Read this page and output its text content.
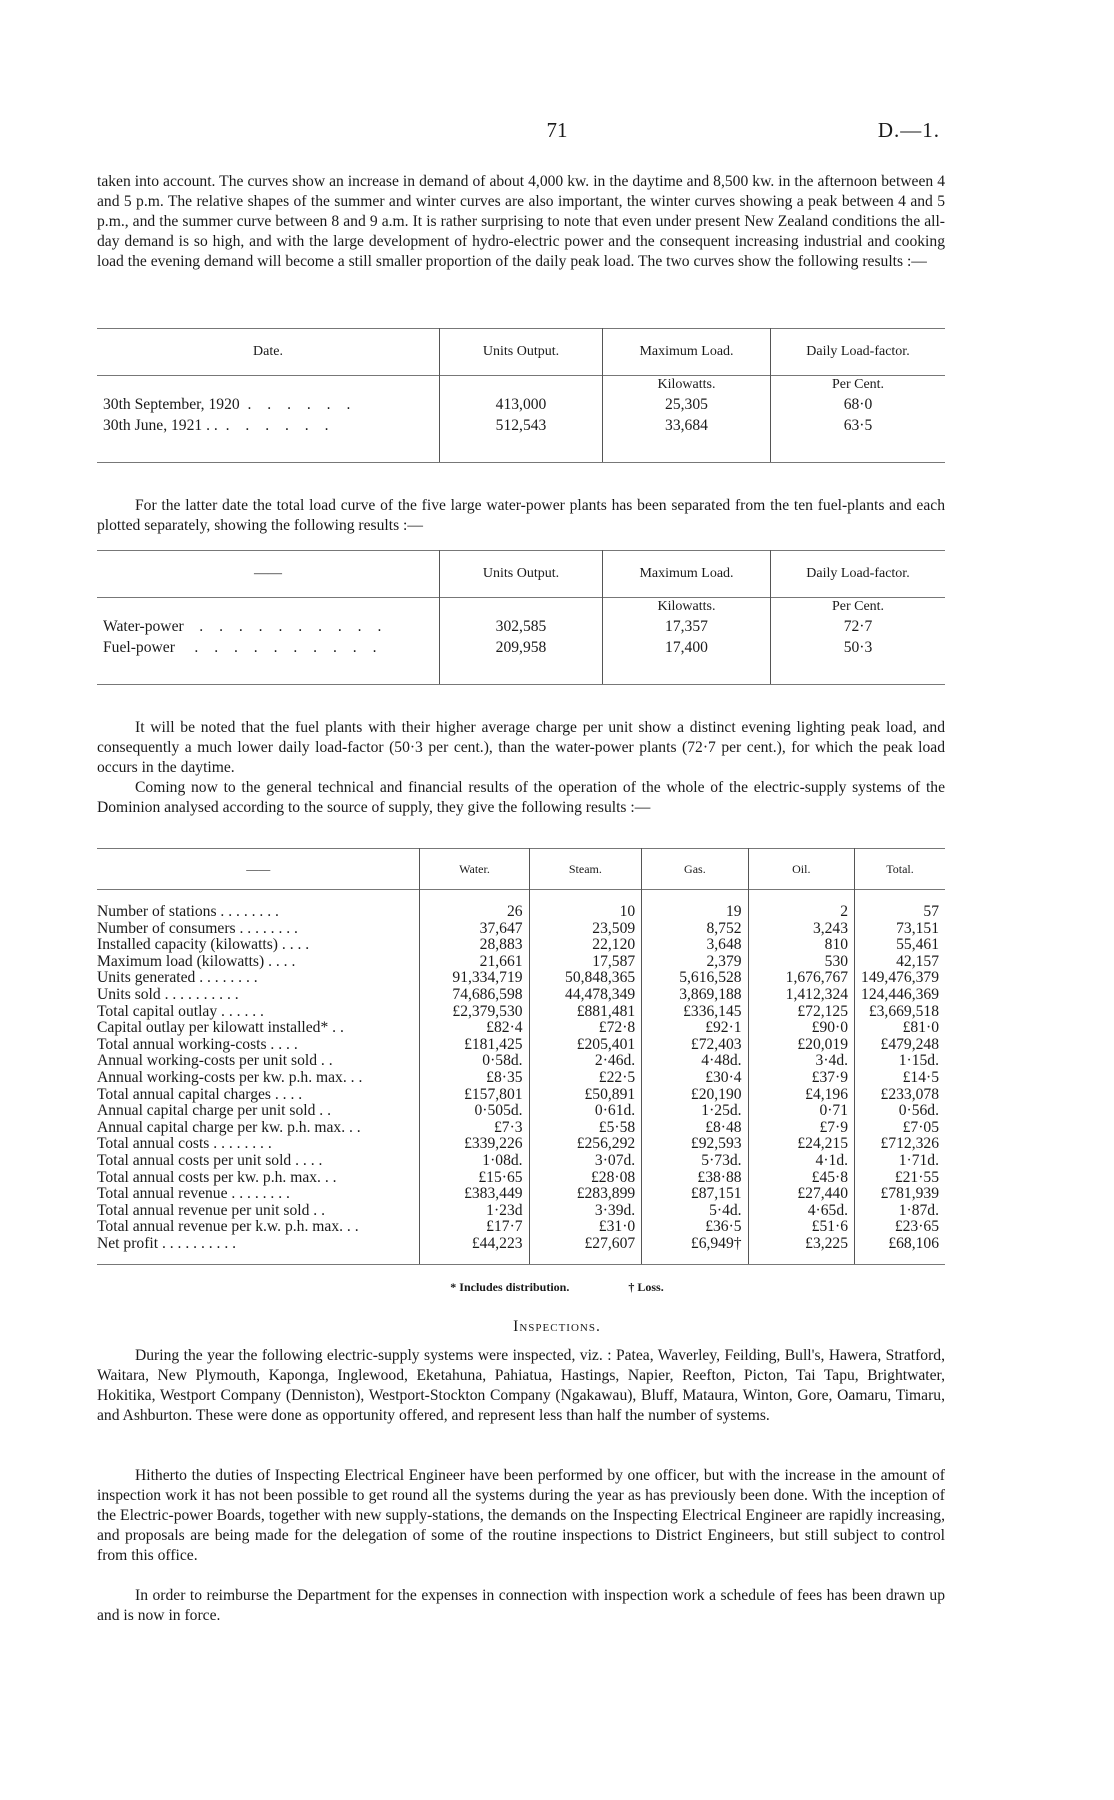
71	D.—1.

taken into account. The curves show an increase in demand of about 4,000 kw. in the daytime and 8,500 kw. in the afternoon between 4 and 5 p.m. The relative shapes of the summer and winter curves are also important, the winter curves showing a peak between 4 and 5 p.m., and the summer curve between 8 and 9 a.m. It is rather surprising to note that even under present New Zealand conditions the all-day demand is so high, and with the large development of hydro-electric power and the consequent increasing industrial and cooking load the evening demand will become a still smaller proportion of the daily peak load. The two curves show the following results :—

Date.	Units Output.	Maximum Load.	Daily Load-factor.
		Kilowatts.	Per Cent.
30th September, 1920 . . . . . .	413,000	25,305	68·0
30th June, 1921 . . . . . . . .	512,543	33,684	63·5

For the latter date the total load curve of the five large water-power plants has been separated from the ten fuel-plants and each plotted separately, showing the following results :—

——	Units Output.	Maximum Load.	Daily Load-factor.
		Kilowatts.	Per Cent.
Water-power . . . . . . . . . .	302,585	17,357	72·7
Fuel-power . . . . . . . . . .	209,958	17,400	50·3

It will be noted that the fuel plants with their higher average charge per unit show a distinct evening lighting peak load, and consequently a much lower daily load-factor (50·3 per cent.), than the water-power plants (72·7 per cent.), for which the peak load occurs in the daytime.

Coming now to the general technical and financial results of the operation of the whole of the electric-supply systems of the Dominion analysed according to the source of supply, they give the following results :—

——	Water.	Steam.	Gas.	Oil.	Total.
Number of stations . . . . . . . .	26	10	19	2	57
Number of consumers . . . . . . . .	37,647	23,509	8,752	3,243	73,151
Installed capacity (kilowatts) . . . .	28,883	22,120	3,648	810	55,461
Maximum load (kilowatts) . . . .	21,661	17,587	2,379	530	42,157
Units generated . . . . . . . .	91,334,719	50,848,365	5,616,528	1,676,767	149,476,379
Units sold . . . . . . . . . .	74,686,598	44,478,349	3,869,188	1,412,324	124,446,369
Total capital outlay . . . . . .	£2,379,530	£881,481	£336,145	£72,125	£3,669,518
Capital outlay per kilowatt installed* . .	£82·4	£72·8	£92·1	£90·0	£81·0
Total annual working-costs . . . .	£181,425	£205,401	£72,403	£20,019	£479,248
Annual working-costs per unit sold . .	0·58d.	2·46d.	4·48d.	3·4d.	1·15d.
Annual working-costs per kw. p.h. max. . .	£8·35	£22·5	£30·4	£37·9	£14·5
Total annual capital charges . . . .	£157,801	£50,891	£20,190	£4,196	£233,078
Annual capital charge per unit sold . .	0·505d.	0·61d.	1·25d.	0·71	0·56d.
Annual capital charge per kw. p.h. max. . .	£7·3	£5·58	£8·48	£7·9	£7·05
Total annual costs . . . . . . . .	£339,226	£256,292	£92,593	£24,215	£712,326
Total annual costs per unit sold . . . .	1·08d.	3·07d.	5·73d.	4·1d.	1·71d.
Total annual costs per kw. p.h. max. . .	£15·65	£28·08	£38·88	£45·8	£21·55
Total annual revenue . . . . . . . .	£383,449	£283,899	£87,151	£27,440	£781,939
Total annual revenue per unit sold . .	1·23d	3·39d.	5·4d.	4·65d.	1·87d.
Total annual revenue per k.w. p.h. max. . .	£17·7	£31·0	£36·5	£51·6	£23·65
Net profit . . . . . . . . . .	£44,223	£27,607	£6,949†	£3,225	£68,106
* Includes distribution.	† Loss.
Inspections.

During the year the following electric-supply systems were inspected, viz. : Patea, Waverley, Feilding, Bull's, Hawera, Stratford, Waitara, New Plymouth, Kaponga, Inglewood, Eketahuna, Pahiatua, Hastings, Napier, Reefton, Picton, Tai Tapu, Brightwater, Hokitika, Westport Company (Denniston), Westport-Stockton Company (Ngakawau), Bluff, Mataura, Winton, Gore, Oamaru, Timaru, and Ashburton. These were done as opportunity offered, and represent less than half the number of systems.

Hitherto the duties of Inspecting Electrical Engineer have been performed by one officer, but with the increase in the amount of inspection work it has not been possible to get round all the systems during the year as has previously been done. With the inception of the Electric-power Boards, together with new supply-stations, the demands on the Inspecting Electrical Engineer are rapidly increasing, and proposals are being made for the delegation of some of the routine inspections to District Engineers, but still subject to control from this office.

In order to reimburse the Department for the expenses in connection with inspection work a schedule of fees has been drawn up and is now in force.
